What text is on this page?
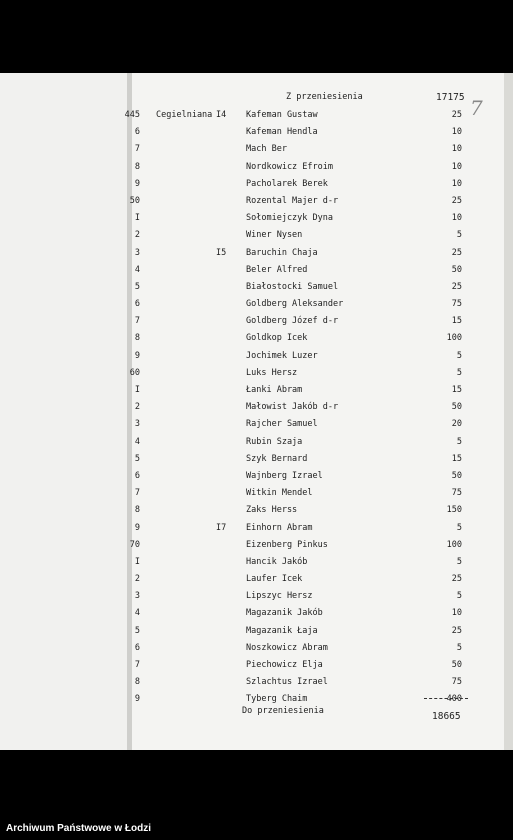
Z przeniesienia	17175 7
445 Cegielniana I4 Kafeman Gustaw	25
6	Kafeman Hendla	10
7	Mach Ber	10
8	Nordkowicz Efroim	10
9	Pacholarek Berek	10
50	Rozental Majer d-r	25
I	Sołomiejczyk Dyna	10
2	Winer Nysen	5
3	I5 Baruchin Chaja	25
4	Beler Alfred	50
5	Białostocki Samuel	25
6	Goldberg Aleksander	75
7	Goldberg Józef d-r	15
8	Goldkop Icek	100
9	Jochimek Luzer	5
60	Luks Hersz	5
I	Łanki Abram	15
2	Małowist Jakób d-r	50
3	Rajcher Samuel	20
4	Rubin Szaja	5
5	Szyk Bernard	15
6	Wajnberg Izrael	50
7	Witkin Mendel	75
8	Zaks Herss	150
9	I7 Einhorn Abram	5
70	Eizenberg Pinkus	100
I	Hancik Jakób	5
2	Laufer Icek	25
3	Lipszyc Hersz	5
4	Magazanik Jakób	10
5	Magazanik Łaja	25
6	Noszkowicz Abram	5
7	Piechowicz Elja	50
8	Szlachtus Izrael	75
9	Tyberg Chaim	400
Do przeniesienia	18665
Archiwum Państwowe w Łodzi
